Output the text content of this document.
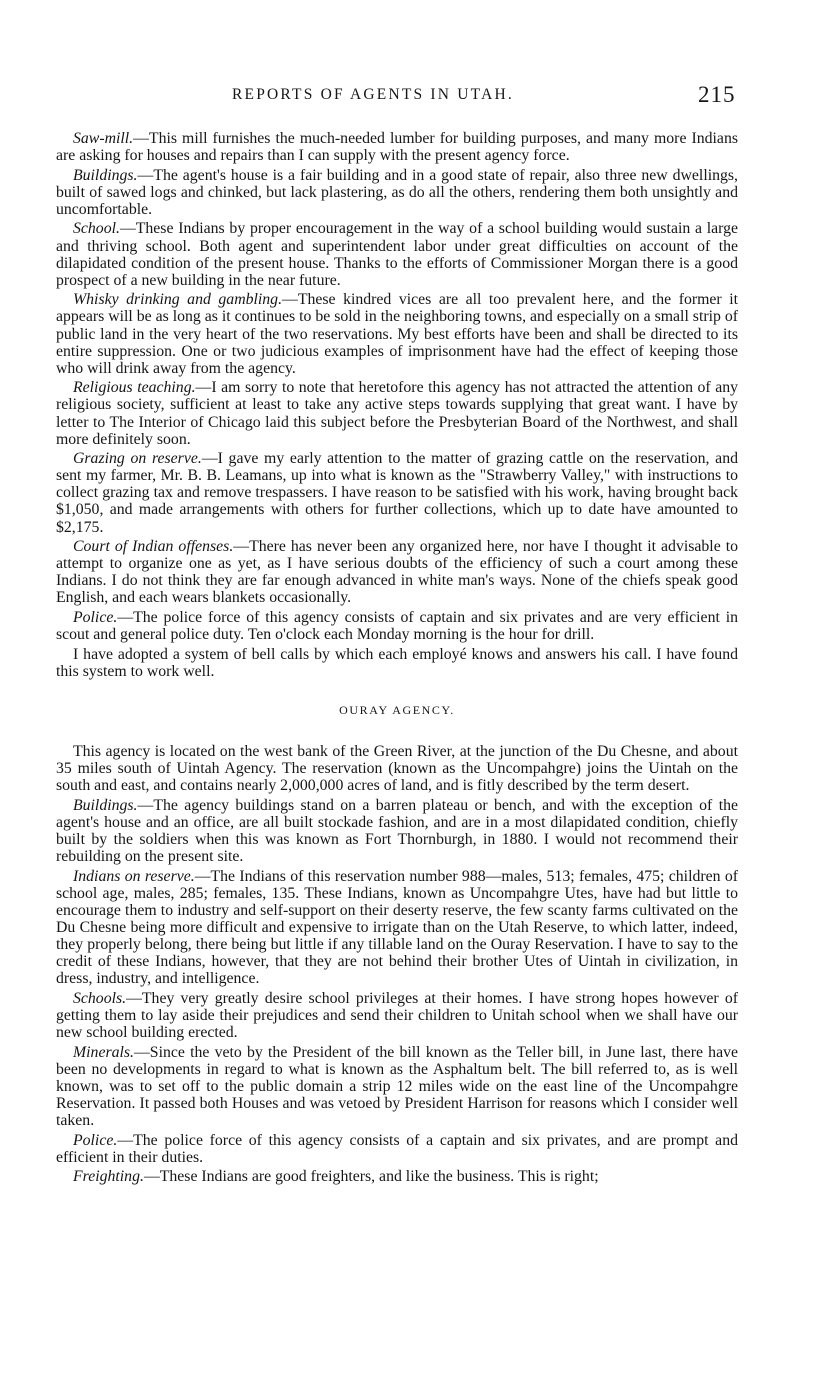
REPORTS OF AGENTS IN UTAH.	215

Saw-mill.—This mill furnishes the much-needed lumber for building purposes, and many more Indians are asking for houses and repairs than I can supply with the present agency force.

Buildings.—The agent's house is a fair building and in a good state of repair, also three new dwellings, built of sawed logs and chinked, but lack plastering, as do all the others, rendering them both unsightly and uncomfortable.

School.—These Indians by proper encouragement in the way of a school building would sustain a large and thriving school. Both agent and superintendent labor under great difficulties on account of the dilapidated condition of the present house. Thanks to the efforts of Commissioner Morgan there is a good prospect of a new building in the near future.

Whisky drinking and gambling.—These kindred vices are all too prevalent here, and the former it appears will be as long as it continues to be sold in the neighboring towns, and especially on a small strip of public land in the very heart of the two reservations. My best efforts have been and shall be directed to its entire suppression. One or two judicious examples of imprisonment have had the effect of keeping those who will drink away from the agency.

Religious teaching.—I am sorry to note that heretofore this agency has not attracted the attention of any religious society, sufficient at least to take any active steps towards supplying that great want. I have by letter to The Interior of Chicago laid this subject before the Presbyterian Board of the Northwest, and shall more definitely soon.

Grazing on reserve.—I gave my early attention to the matter of grazing cattle on the reservation, and sent my farmer, Mr. B. B. Leamans, up into what is known as the "Strawberry Valley," with instructions to collect grazing tax and remove trespassers. I have reason to be satisfied with his work, having brought back $1,050, and made arrangements with others for further collections, which up to date have amounted to $2,175.

Court of Indian offenses.—There has never been any organized here, nor have I thought it advisable to attempt to organize one as yet, as I have serious doubts of the efficiency of such a court among these Indians. I do not think they are far enough advanced in white man's ways. None of the chiefs speak good English, and each wears blankets occasionally.

Police.—The police force of this agency consists of captain and six privates and are very efficient in scout and general police duty. Ten o'clock each Monday morning is the hour for drill.

I have adopted a system of bell calls by which each employé knows and answers his call. I have found this system to work well.

OURAY AGENCY.

This agency is located on the west bank of the Green River, at the junction of the Du Chesne, and about 35 miles south of Uintah Agency. The reservation (known as the Uncompahgre) joins the Uintah on the south and east, and contains nearly 2,000,000 acres of land, and is fitly described by the term desert.

Buildings.—The agency buildings stand on a barren plateau or bench, and with the exception of the agent's house and an office, are all built stockade fashion, and are in a most dilapidated condition, chiefly built by the soldiers when this was known as Fort Thornburgh, in 1880. I would not recommend their rebuilding on the present site.

Indians on reserve.—The Indians of this reservation number 988—males, 513; females, 475; children of school age, males, 285; females, 135. These Indians, known as Uncompahgre Utes, have had but little to encourage them to industry and self-support on their deserty reserve, the few scanty farms cultivated on the Du Chesne being more difficult and expensive to irrigate than on the Utah Reserve, to which latter, indeed, they properly belong, there being but little if any tillable land on the Ouray Reservation. I have to say to the credit of these Indians, however, that they are not behind their brother Utes of Uintah in civilization, in dress, industry, and intelligence.

Schools.—They very greatly desire school privileges at their homes. I have strong hopes however of getting them to lay aside their prejudices and send their children to Unitah school when we shall have our new school building erected.

Minerals.—Since the veto by the President of the bill known as the Teller bill, in June last, there have been no developments in regard to what is known as the Asphaltum belt. The bill referred to, as is well known, was to set off to the public domain a strip 12 miles wide on the east line of the Uncompahgre Reservation. It passed both Houses and was vetoed by President Harrison for reasons which I consider well taken.

Police.—The police force of this agency consists of a captain and six privates, and are prompt and efficient in their duties.

Freighting.—These Indians are good freighters, and like the business. This is right;
